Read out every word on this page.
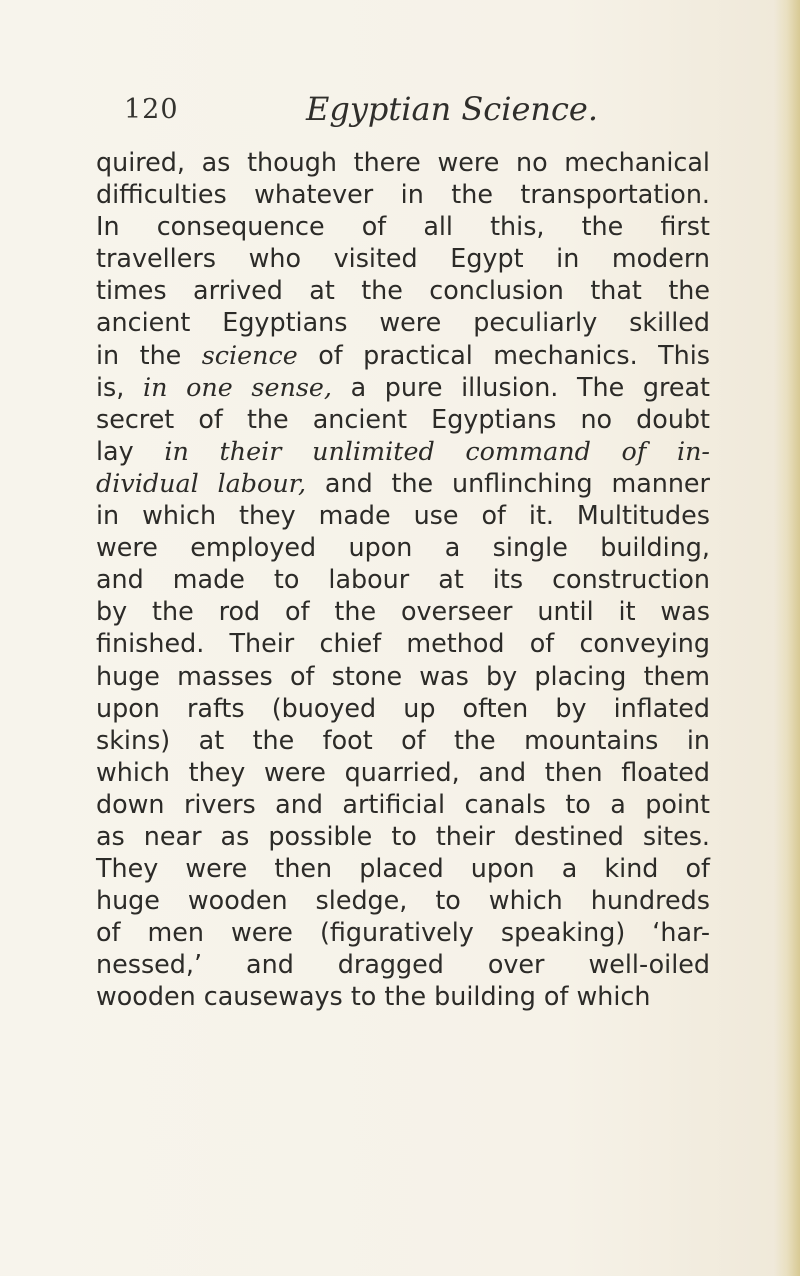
120	Egyptian Science.
quired, as though there were no mechanical
difficulties whatever in the transportation.
In consequence of all this, the first
travellers who visited Egypt in modern
times arrived at the conclusion that the
ancient Egyptians were peculiarly skilled
in the science of practical mechanics. This
is, in one sense, a pure illusion. The great
secret of the ancient Egyptians no doubt
lay in their unlimited command of in-
dividual labour, and the unflinching manner
in which they made use of it. Multitudes
were employed upon a single building,
and made to labour at its construction
by the rod of the overseer until it was
finished. Their chief method of conveying
huge masses of stone was by placing them
upon rafts (buoyed up often by inflated
skins) at the foot of the mountains in
which they were quarried, and then floated
down rivers and artificial canals to a point
as near as possible to their destined sites.
They were then placed upon a kind of
huge wooden sledge, to which hundreds
of men were (figuratively speaking) ‘har-
nessed,’ and dragged over well-oiled
wooden causeways to the building of which
